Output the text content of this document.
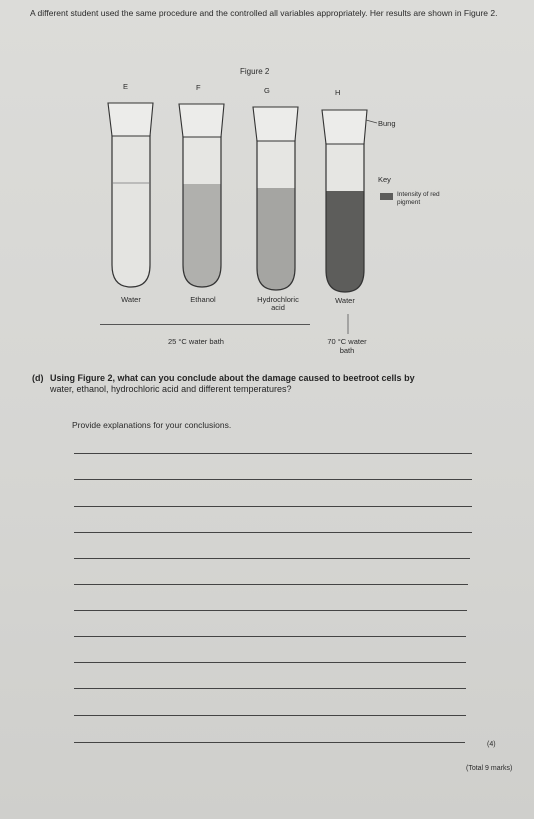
A different student used the same procedure and the controlled all variables appropriately. Her results are shown in Figure 2.
Figure 2
E	F	G	H
Bung
Key
Intensity of red pigment
Water	Ethanol	Hydrochloric acid
Water
25 °C water bath	70 °C water bath
(d) Using Figure 2, what can you conclude about the damage caused to beetroot cells by
water, ethanol, hydrochloric acid and different temperatures?
Provide explanations for your conclusions.
(4)
(Total 9 marks)
